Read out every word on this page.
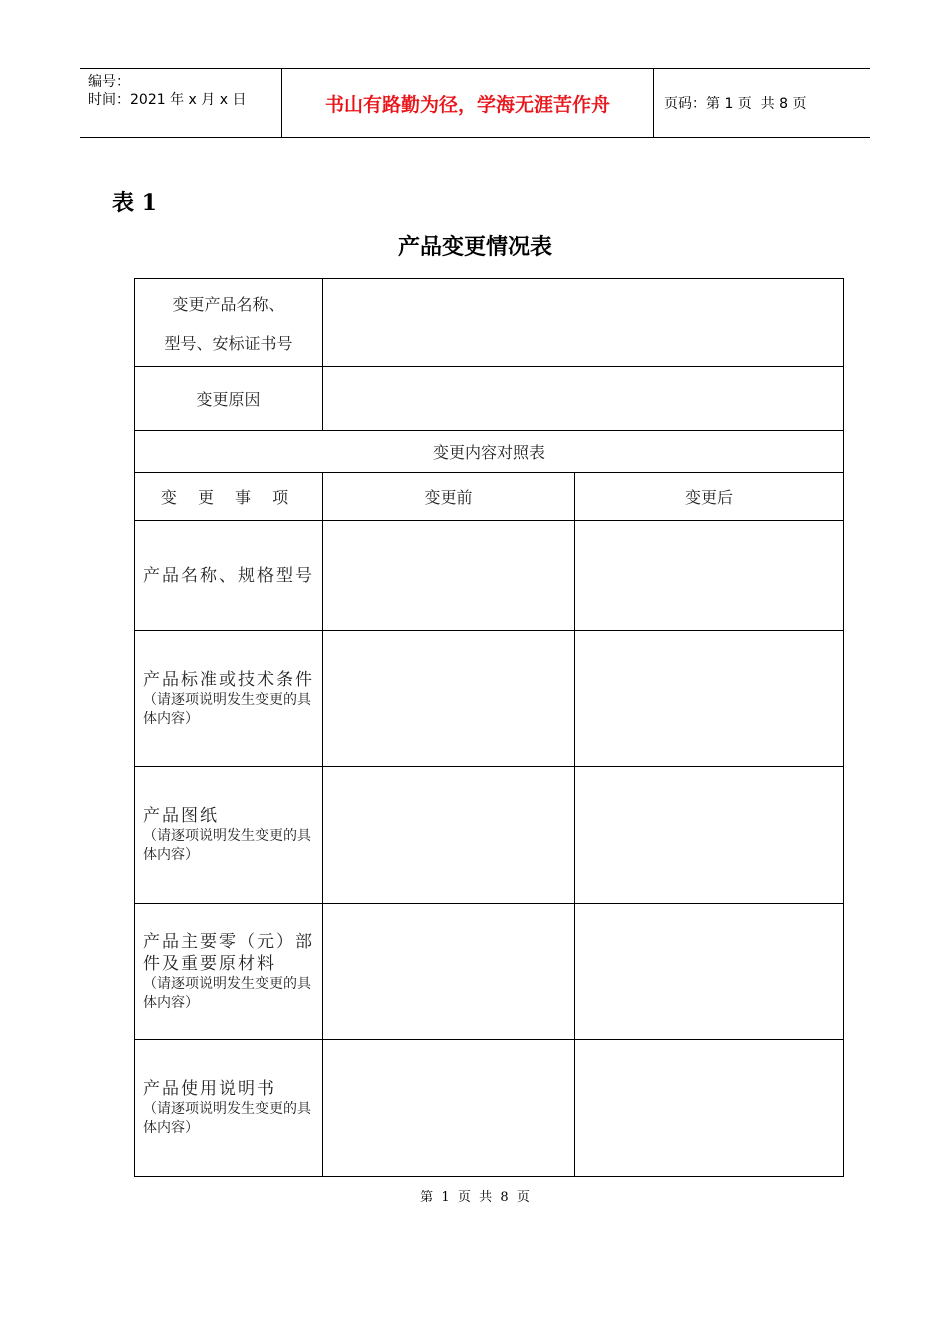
编号：
时间：2021 年 x 月 x 日	书山有路勤为径，学海无涯苦作舟	页码：第 1 页  共 8 页
表 1
产品变更情况表
变更产品名称、
型号、安标证书号		

变更原因		
变更内容对照表		
变 更 事 项	变更前	变更后

产品名称、规格型号		

产品标准或技术条件
（请逐项说明发生变更的具体内容）		

产品图纸
（请逐项说明发生变更的具体内容）		

产品主要零（元）部件及重要原材料
（请逐项说明发生变更的具体内容）		

产品使用说明书
（请逐项说明发生变更的具体内容）		

第  1  页  共  8  页
